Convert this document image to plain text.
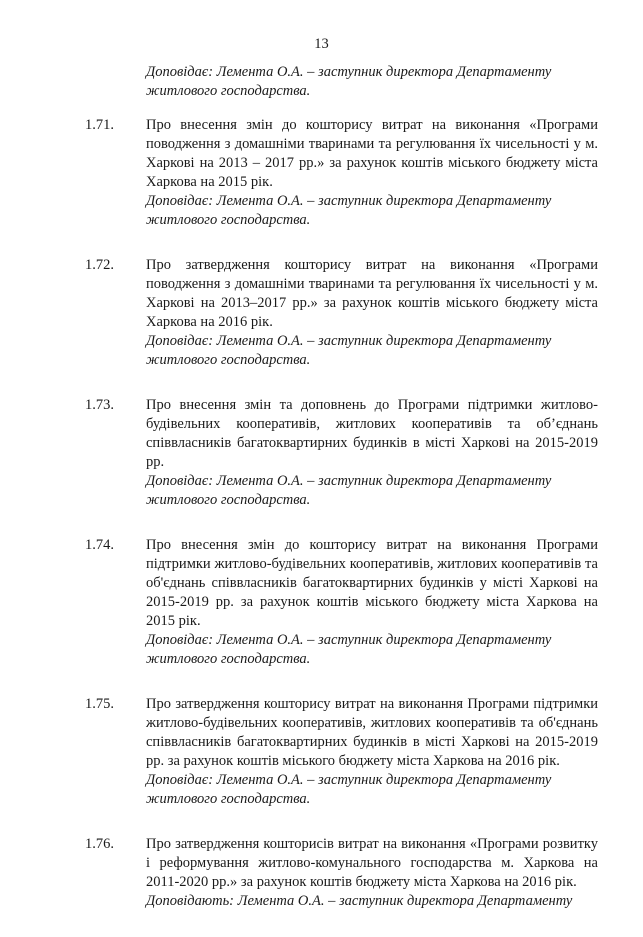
13
Доповідає: Лемента О.А. – заступник директора Департаменту житлового господарства.
1.71. Про внесення змін до кошторису витрат на виконання «Програми поводження з домашніми тваринами та регулювання їх чисельності у м. Харкові на 2013 – 2017 рр.» за рахунок коштів міського бюджету міста Харкова на 2015 рік.
Доповідає: Лемента О.А. – заступник директора Департаменту житлового господарства.
1.72. Про затвердження кошторису витрат на виконання «Програми поводження з домашніми тваринами та регулювання їх чисельності у м. Харкові на 2013–2017 рр.» за рахунок коштів міського бюджету міста Харкова на 2016 рік.
Доповідає: Лемента О.А. – заступник директора Департаменту житлового господарства.
1.73. Про внесення змін та доповнень до Програми підтримки житлово-будівельних кооперативів, житлових кооперативів та об’єднань співвласників багатоквартирних будинків в місті Харкові на 2015-2019 рр.
Доповідає: Лемента О.А. – заступник директора Департаменту житлового господарства.
1.74. Про внесення змін до кошторису витрат на виконання Програми підтримки житлово-будівельних кооперативів, житлових кооперативів та об'єднань співвласників багатоквартирних будинків у місті Харкові на 2015-2019 рр. за рахунок коштів міського бюджету міста Харкова на 2015 рік.
Доповідає: Лемента О.А. – заступник директора Департаменту житлового господарства.
1.75. Про затвердження кошторису витрат на виконання Програми підтримки житлово-будівельних кооперативів, житлових кооперативів та об'єднань співвласників багатоквартирних будинків в місті Харкові на 2015-2019 рр. за рахунок коштів міського бюджету міста Харкова на 2016 рік.
Доповідає: Лемента О.А. – заступник директора Департаменту житлового господарства.
1.76. Про затвердження кошторисів витрат на виконання «Програми розвитку і реформування житлово-комунального господарства м. Харкова на 2011-2020 рр.» за рахунок коштів бюджету міста Харкова на 2016 рік.
Доповідають: Лемента О.А. – заступник директора Департаменту
